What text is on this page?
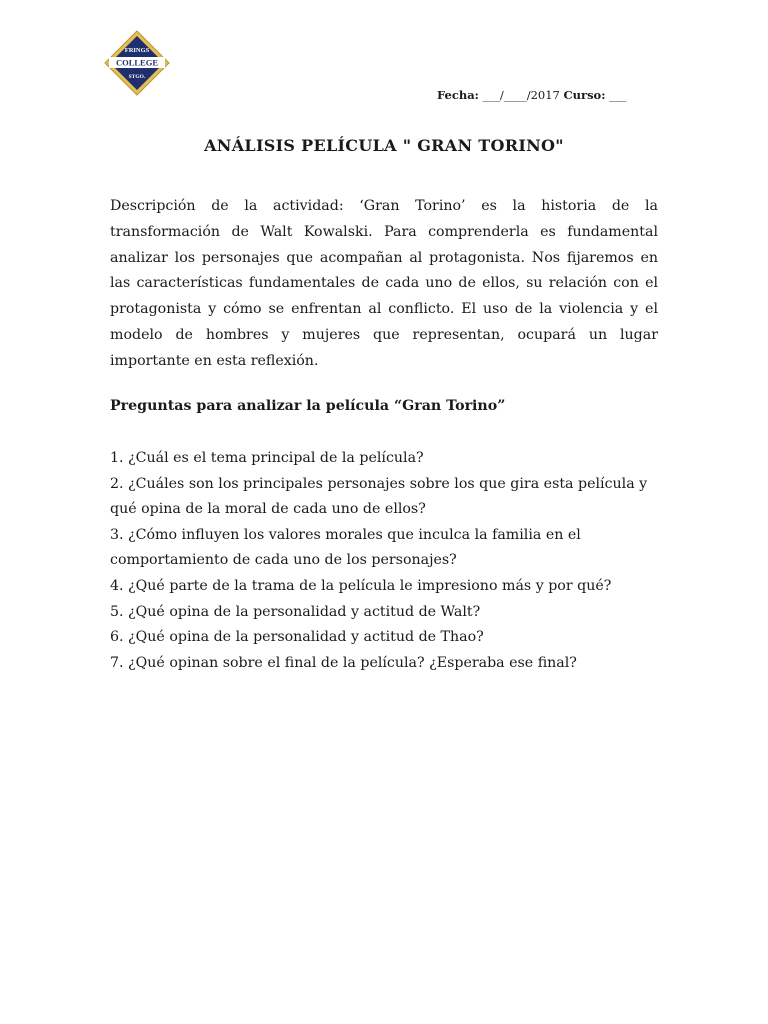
FRINGS
COLLEGE
STGO.
Fecha: ___/____/2017 Curso: ___
ANÁLISIS PELÍCULA " GRAN TORINO"
Descripción de la actividad: ‘Gran Torino’ es la historia de la transformación de Walt Kowalski. Para comprenderla es fundamental analizar los personajes que acompañan al protagonista. Nos fijaremos en las características fundamentales de cada uno de ellos, su relación con el protagonista y cómo se enfrentan al conflicto. El uso de la violencia y el modelo de hombres y mujeres que representan, ocupará un lugar importante en esta reflexión.
Preguntas para analizar la película “Gran Torino”
1. ¿Cuál es el tema principal de la película?
2. ¿Cuáles son los principales personajes sobre los que gira esta película y qué opina de la moral de cada uno de ellos?
3. ¿Cómo influyen los valores morales que inculca la familia en el comportamiento de cada uno de los personajes?
4. ¿Qué parte de la trama de la película le impresiono más y por qué?
5. ¿Qué opina de la personalidad y actitud de Walt?
6. ¿Qué opina de la personalidad y actitud de Thao?
7. ¿Qué opinan sobre el final de la película? ¿Esperaba ese final?
